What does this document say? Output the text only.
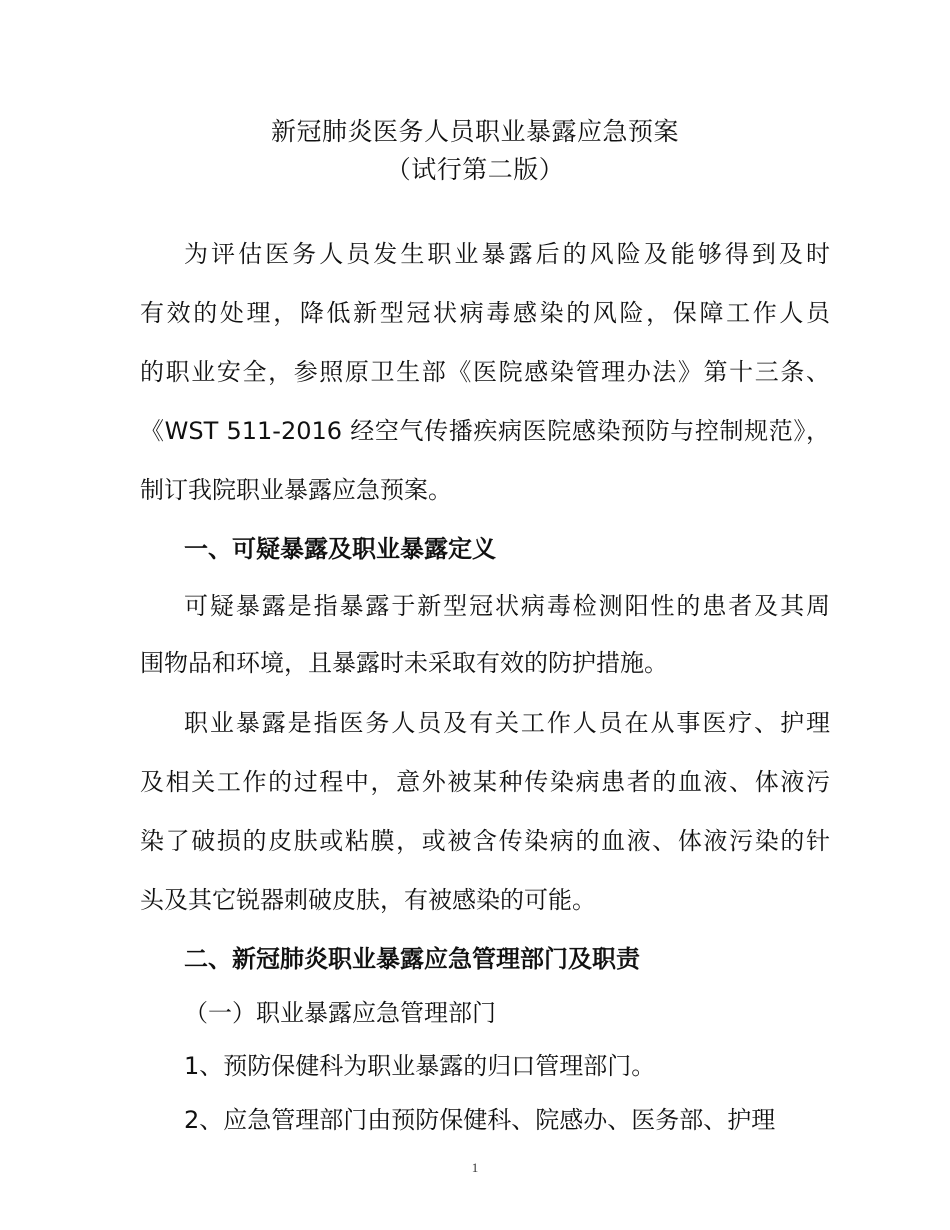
新冠肺炎医务人员职业暴露应急预案
（试行第二版）
为评估医务人员发生职业暴露后的风险及能够得到及时
有效的处理，降低新型冠状病毒感染的风险，保障工作人员
的职业安全，参照原卫生部《医院感染管理办法》第十三条、
《WST 511-2016 经空气传播疾病医院感染预防与控制规范》，
制订我院职业暴露应急预案。
一、可疑暴露及职业暴露定义
可疑暴露是指暴露于新型冠状病毒检测阳性的患者及其周
围物品和环境，且暴露时未采取有效的防护措施。
职业暴露是指医务人员及有关工作人员在从事医疗、护理
及相关工作的过程中，意外被某种传染病患者的血液、体液污
染了破损的皮肤或粘膜，或被含传染病的血液、体液污染的针
头及其它锐器刺破皮肤，有被感染的可能。
二、新冠肺炎职业暴露应急管理部门及职责
（一）职业暴露应急管理部门
1、预防保健科为职业暴露的归口管理部门。
2、应急管理部门由预防保健科、院感办、医务部、护理
1
